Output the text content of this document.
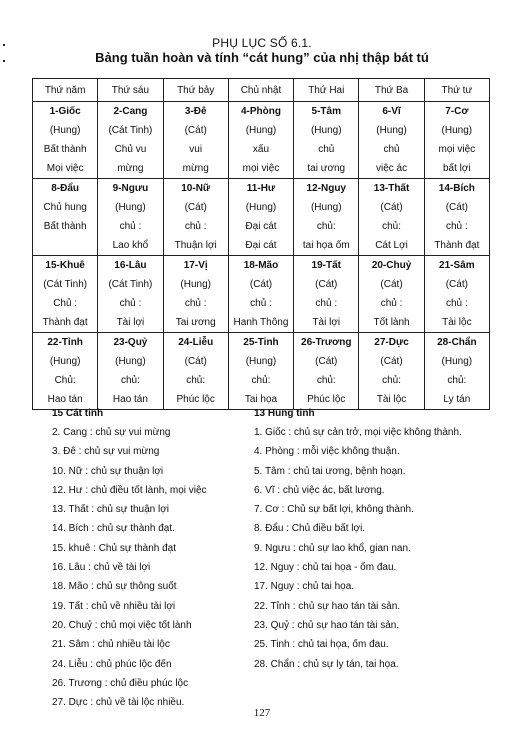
PHỤ LỤC SỐ 6.1.
Bảng tuần hoàn và tính “cát hung” của nhị thập bát tú
Thứ năm	Thứ sáu	Thứ bảy	Chủ nhật	Thứ Hai	Thứ Ba	Thứ tư
1-Giốc	2-Cang	3-Đê	4-Phòng	5-Tâm	6-Vĩ	7-Cơ
(Hung)	(Cát Tinh)	(Cát)	(Hung)	(Hung)	(Hung)	(Hung)
Bất thành	Chủ vu	vui	xấu	chủ	chủ	mọi việc
Mọi việc	mừng	mừng	mọi việc	tai ương	việc ác	bất lợi
8-Đẩu	9-Ngưu	10-Nữ	11-Hư	12-Nguy	13-Thất	14-Bích
Chủ hung	(Hung)	(Cát)	(Hung)	(Hung)	(Cát)	(Cát)
Bất thành	chủ :	chủ :	Đại cát	chủ:	chủ:	chủ :
	Lao khổ	Thuận lợi	Đại cát	tai họa ốm	Cát Lợi	Thành đạt
15-Khuê	16-Lâu	17-Vị	18-Mão	19-Tất	20-Chuỷ	21-Sâm
(Cát Tinh)	(Cát Tinh)	(Hung)	(Cát)	(Cát)	(Cát)	(Cát)
Chủ :	chủ :	chủ :	chủ :	chủ :	chủ :	chủ :
Thành đạt	Tài lợi	Tai ương	Hanh Thông	Tài lợi	Tốt lành	Tài lộc
22-Tỉnh	23-Quỷ	24-Liễu	25-Tinh	26-Trương	27-Dực	28-Chẩn
(Hung)	(Hung)	(Cát)	(Hung)	(Cát)	(Cát)	(Hung)
Chủ:	chủ:	chủ:	chủ:	chủ:	chủ:	chủ:
Hao tán	Hao tán	Phúc lộc	Tai họa	Phúc lộc	Tài lộc	Ly tán
15 Cát tinh
2. Cang : chủ sự vui mừng
3. Đê : chủ sự vui mừng
10. Nữ : chủ sự thuận lợi
12. Hư : chủ điều tốt lành, mọi việc
13. Thất : chủ sự thuận lợi
14. Bích : chủ sự thành đạt.
15. khuê : Chủ sự thành đạt
16. Lâu : chủ về tài lợi
18. Mão : chủ sự thông suốt
19. Tất : chủ về nhiều tài lợi
20. Chuỷ : chủ mọi việc tốt lành
21. Sâm : chủ nhiều tài lộc
24. Liễu : chủ phúc lộc đến
26. Trương : chủ điều phúc lộc
27. Dực : chủ về tài lộc nhiều.
13 Hung tinh
1. Giốc : chủ sự cản trở, mọi việc không thành.
4. Phòng : mỗi việc không thuận.
5. Tâm : chủ tai ương, bệnh hoạn.
6. Vĩ : chủ việc ác, bất lương.
7. Cơ : Chủ sự bất lợi, không thành.
8. Đẩu : Chủ điều bất lợi.
9. Ngưu : chủ sự lao khổ, gian nan.
12. Nguy : chủ tai họa - ốm đau.
17. Nguy : chủ tai họa.
22. Tỉnh : chủ sự hao tán tài sản.
23. Quỷ : chủ sự hao tán tài sản.
25. Tinh : chủ tai họa, ốm đau.
28. Chẩn : chủ sự ly tán, tai họa.
127
